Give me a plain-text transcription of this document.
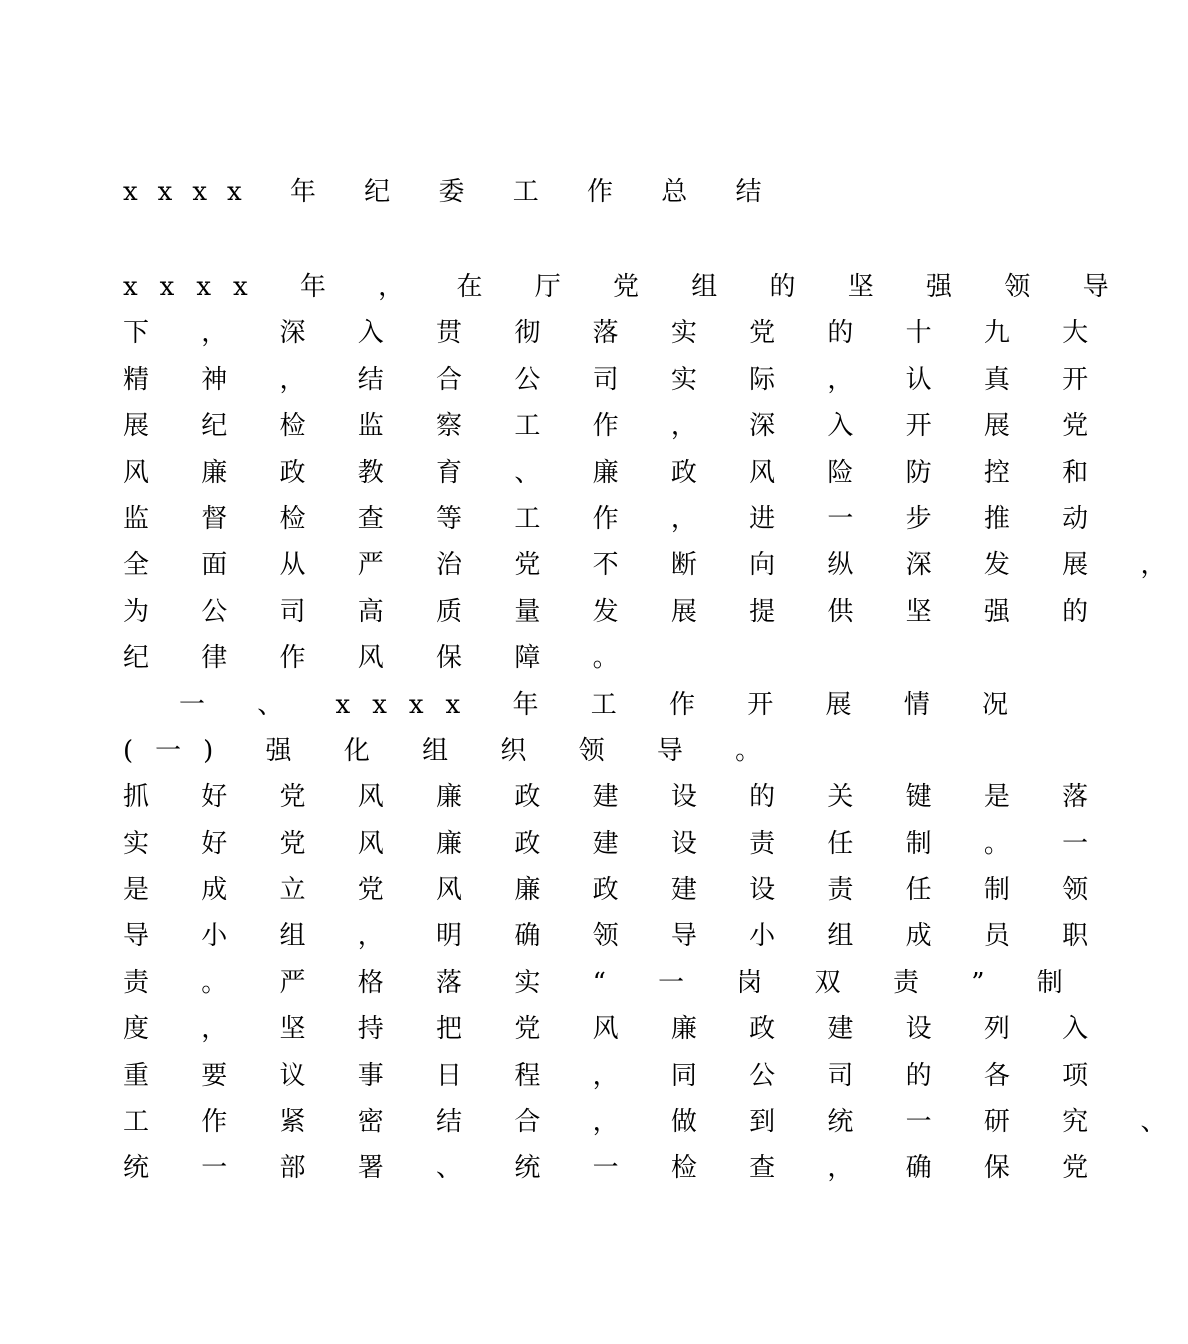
xxxx 年 纪 委 工 作 总 结
xxxx 年 ， 在 厅 党 组 的 坚 强 领 导
下 ， 深 入 贯 彻 落 实 党 的 十 九 大
精 神 ， 结 合 公 司 实 际 ， 认 真 开
展 纪 检 监 察 工 作 ， 深 入 开 展 党
风 廉 政 教 育 、 廉 政 风 险 防 控 和
监 督 检 查 等 工 作 ， 进 一 步 推 动
全 面 从 严 治 党 不 断 向 纵 深 发 展 ，
为 公 司 高 质 量 发 展 提 供 坚 强 的
纪 律 作 风 保 障 。
一 、 xxxx 年 工 作 开 展 情 况
(一) 强 化 组 织 领 导 。
抓 好 党 风 廉 政 建 设 的 关 键 是 落
实 好 党 风 廉 政 建 设 责 任 制 。 一
是 成 立 党 风 廉 政 建 设 责 任 制 领
导 小 组 ， 明 确 领 导 小 组 成 员 职
责 。 严 格 落 实 “ 一 岗 双 责 ” 制
度 ， 坚 持 把 党 风 廉 政 建 设 列 入
重 要 议 事 日 程 ， 同 公 司 的 各 项
工 作 紧 密 结 合 ， 做 到 统 一 研 究 、
统 一 部 署 、 统 一 检 查 ， 确 保 党
